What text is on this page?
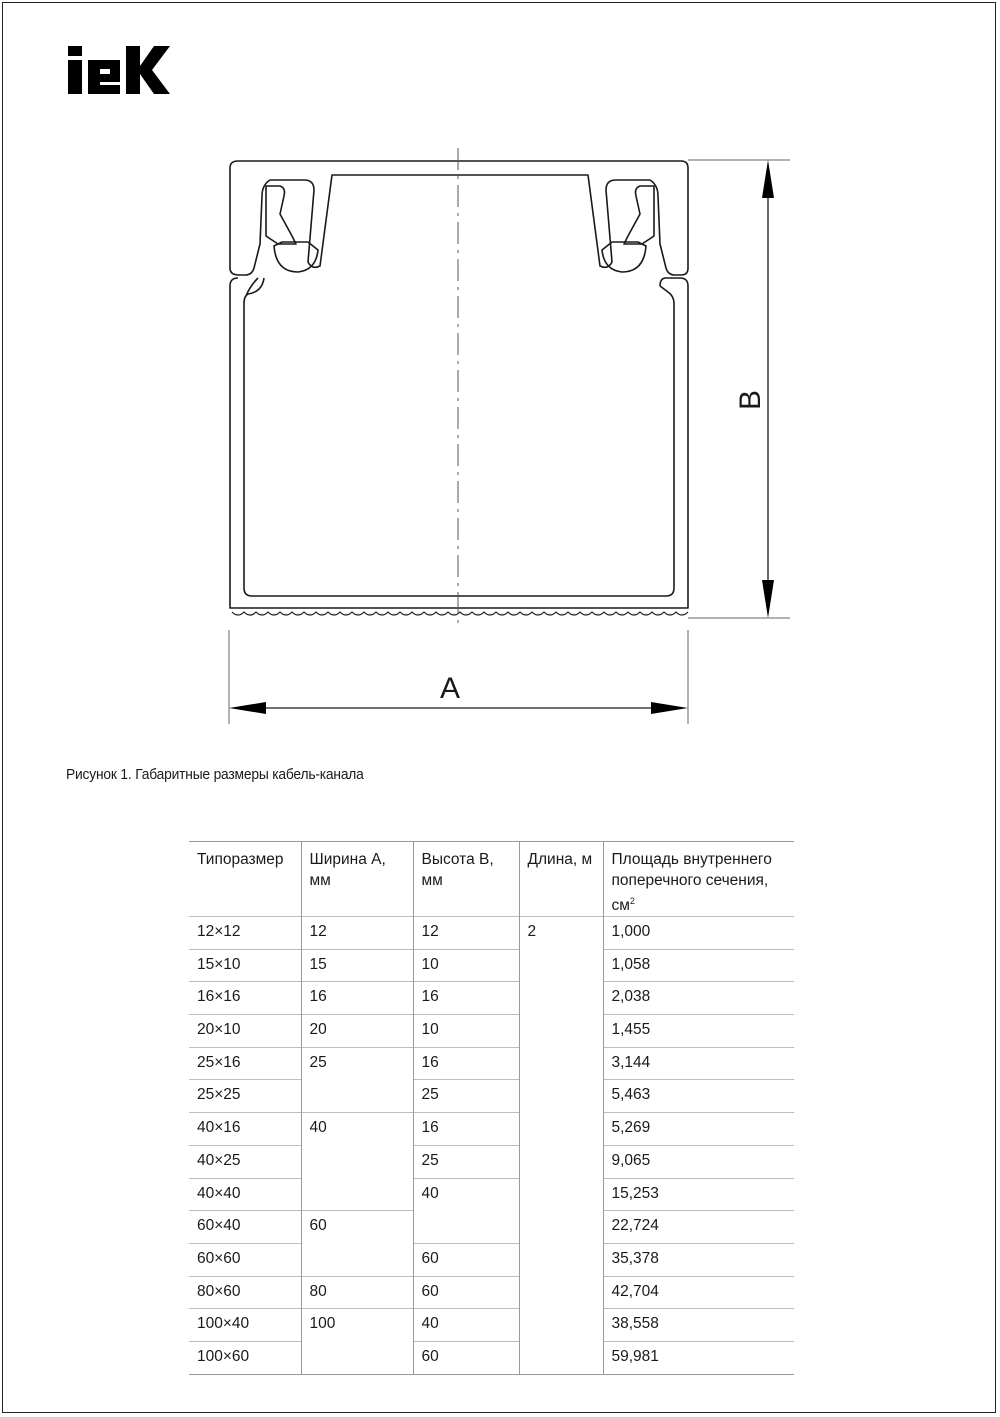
B
A
Рисунок 1. Габаритные размеры кабель-канала
Типоразмер	Ширина А, мм	Высота В, мм	Длина, м	Площадь внутреннего
поперечного сечения, $см^2$
12×12	12	12	2	1,000
15×10	15	10		1,058
16×16	16	16		2,038
20×10	20	10		1,455
25×16	25	16		3,144
25×25		25		5,463
40×16	40	16		5,269
40×25		25		9,065
40×40		40		15,253
60×40	60			22,724
60×60		60		35,378
80×60	80	60		42,704
100×40	100	40		38,558
100×60		60		59,981
